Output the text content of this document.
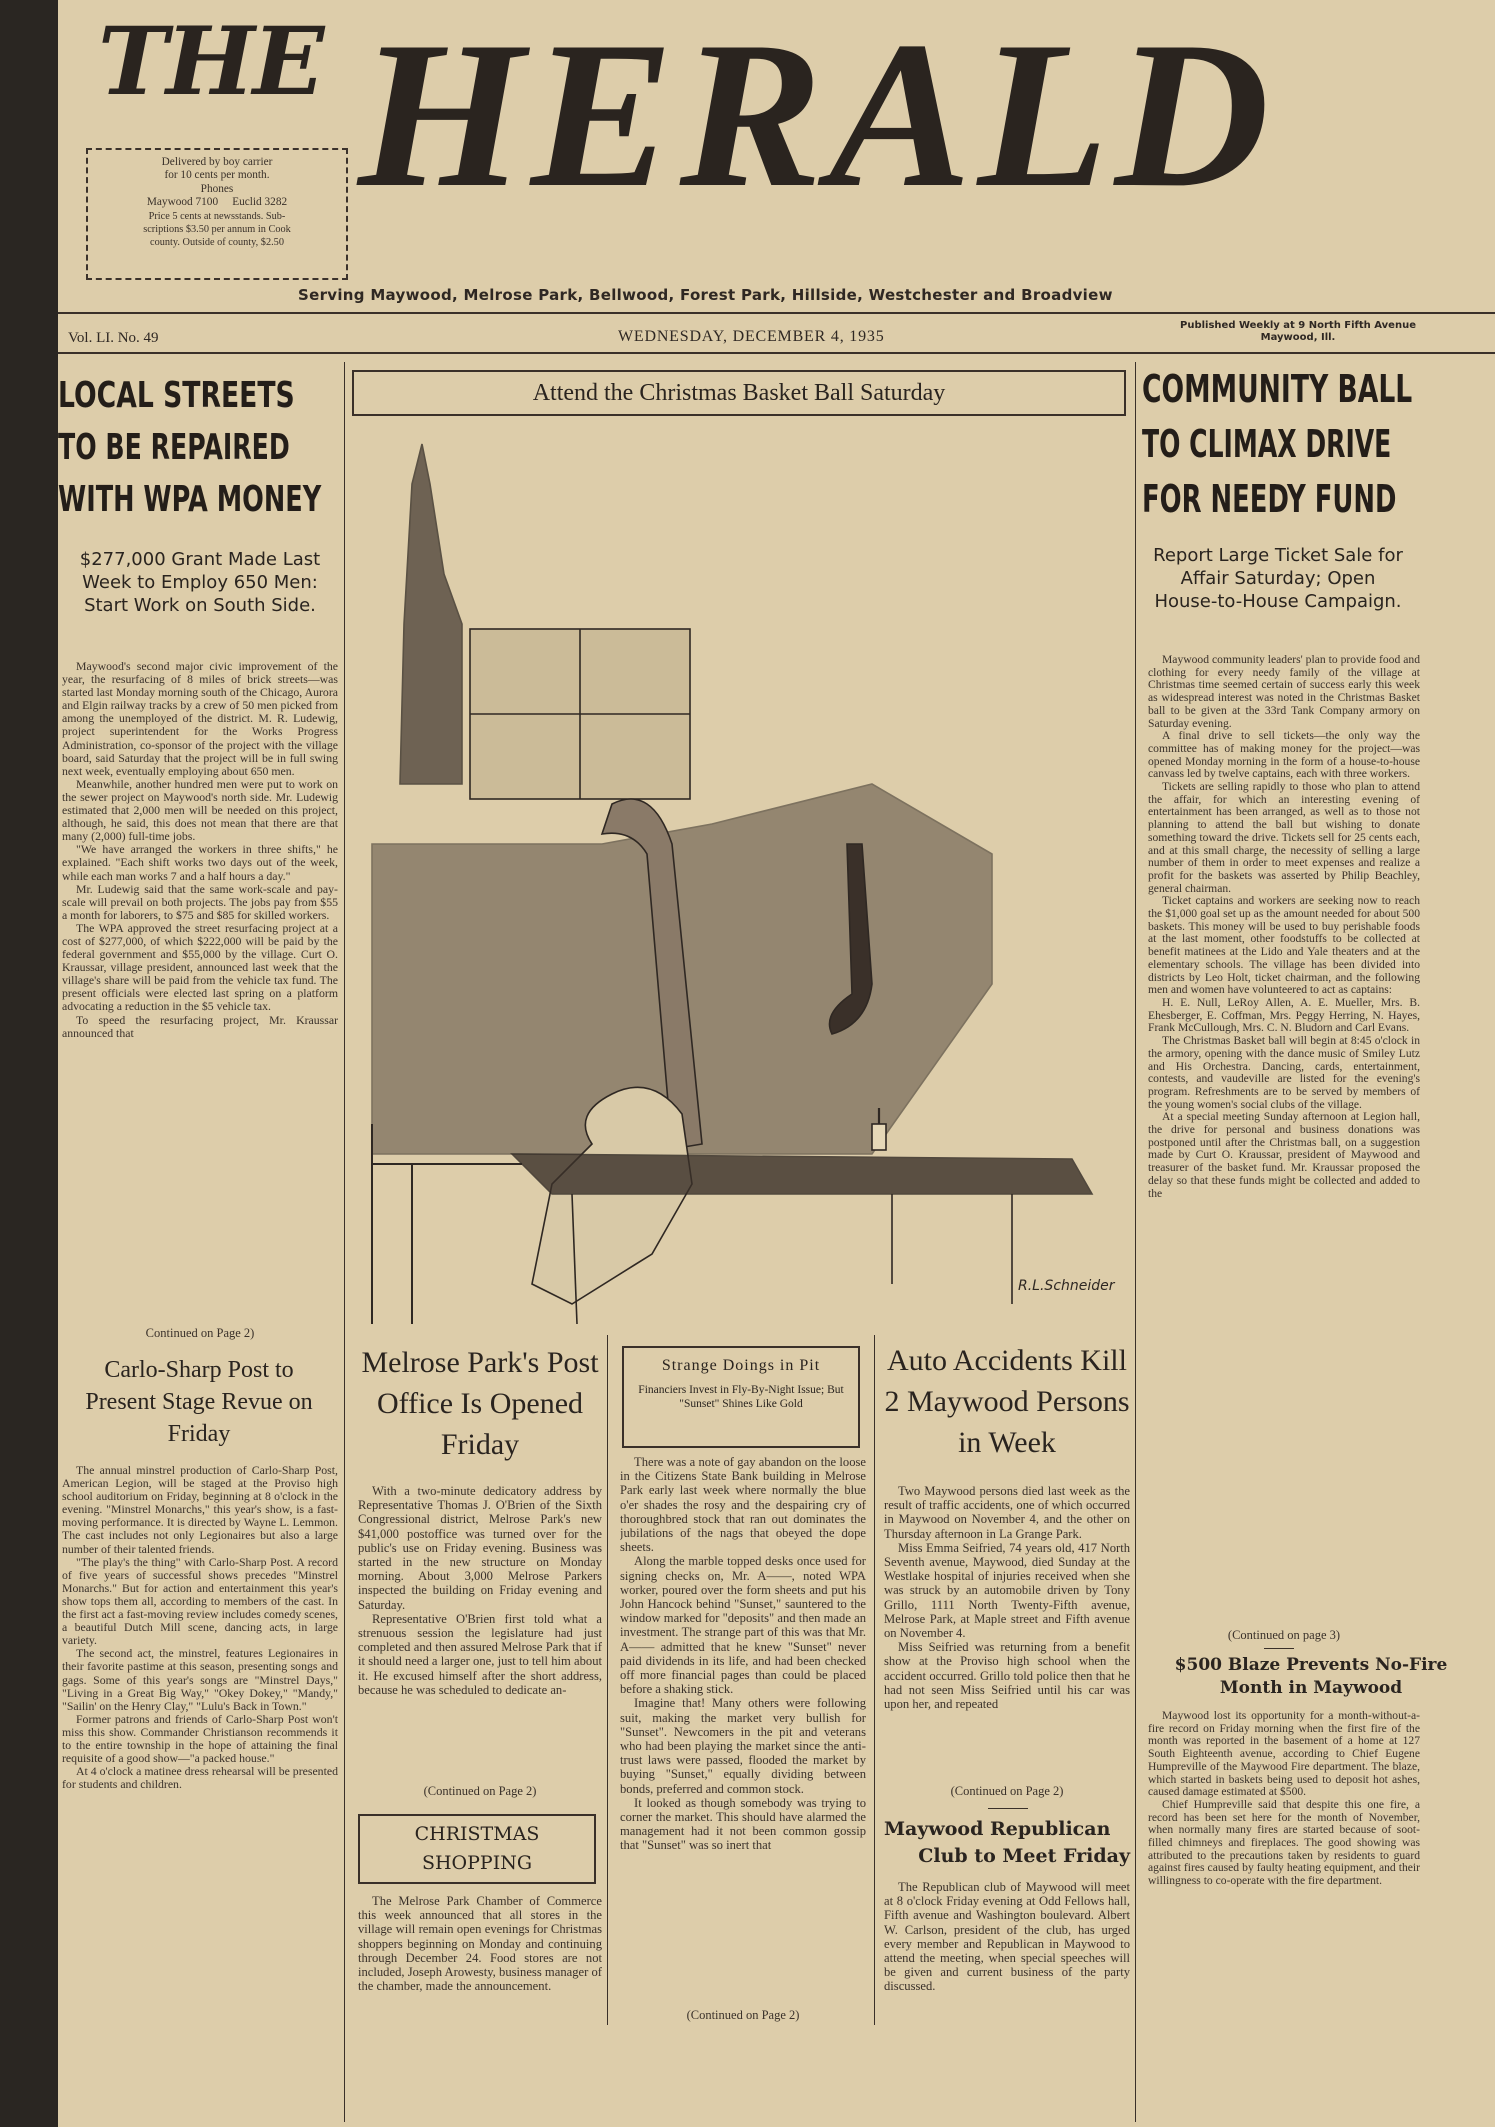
THE HERALD
Delivered by boy carrier
for 10 cents per month.
Phones
Maywood 7100     Euclid 3282
Price 5 cents at newsstands. Sub-
scriptions $3.50 per annum in Cook
county. Outside of county, $2.50
Serving Maywood, Melrose Park, Bellwood, Forest Park, Hillside, Westchester and Broadview
Vol. LI. No. 49	WEDNESDAY, DECEMBER 4, 1935
Published Weekly at 9 North Fifth Avenue
Maywood, Ill.
LOCAL STREETS
TO BE REPAIRED
WITH WPA MONEY
$277,000 Grant Made Last Week to Employ 650 Men: Start Work on South Side.

Maywood's second major civic improvement of the year, the resurfacing of 8 miles of brick streets—was started last Monday morning south of the Chicago, Aurora and Elgin railway tracks by a crew of 50 men picked from among the unemployed of the district. M. R. Ludewig, project superintendent for the Works Progress Administration, co-sponsor of the project with the village board, said Saturday that the project will be in full swing next week, eventually employing about 650 men.

Meanwhile, another hundred men were put to work on the sewer project on Maywood's north side. Mr. Ludewig estimated that 2,000 men will be needed on this project, although, he said, this does not mean that there are that many (2,000) full-time jobs.

"We have arranged the workers in three shifts," he explained. "Each shift works two days out of the week, while each man works 7 and a half hours a day."

Mr. Ludewig said that the same work-scale and pay-scale will prevail on both projects. The jobs pay from $55 a month for laborers, to $75 and $85 for skilled workers.

The WPA approved the street resurfacing project at a cost of $277,000, of which $222,000 will be paid by the federal government and $55,000 by the village. Curt O. Kraussar, village president, announced last week that the village's share will be paid from the vehicle tax fund. The present officials were elected last spring on a platform advocating a reduction in the $5 vehicle tax.

To speed the resurfacing project, Mr. Kraussar announced that

Continued on Page 2)
Carlo-Sharp Post to Present Stage Revue on Friday

The annual minstrel production of Carlo-Sharp Post, American Legion, will be staged at the Proviso high school auditorium on Friday, beginning at 8 o'clock in the evening. "Minstrel Monarchs," this year's show, is a fast-moving performance. It is directed by Wayne L. Lemmon. The cast includes not only Legionaires but also a large number of their talented friends.

"The play's the thing" with Carlo-Sharp Post. A record of five years of successful shows precedes "Minstrel Monarchs." But for action and entertainment this year's show tops them all, according to members of the cast. In the first act a fast-moving review includes comedy scenes, a beautiful Dutch Mill scene, dancing acts, in large variety.

The second act, the minstrel, features Legionaires in their favorite pastime at this season, presenting songs and gags. Some of this year's songs are "Minstrel Days," "Living in a Great Big Way," "Okey Dokey," "Mandy," "Sailin' on the Henry Clay," "Lulu's Back in Town."

Former patrons and friends of Carlo-Sharp Post won't miss this show. Commander Christianson recommends it to the entire township in the hope of attaining the final requisite of a good show—"a packed house."

At 4 o'clock a matinee dress rehearsal will be presented for students and children.

Attend the Christmas Basket Ball Saturday
R.L.Schneider
Melrose Park's Post Office Is Opened Friday

With a two-minute dedicatory address by Representative Thomas J. O'Brien of the Sixth Congressional district, Melrose Park's new $41,000 postoffice was turned over for the public's use on Friday evening. Business was started in the new structure on Monday morning. About 3,000 Melrose Parkers inspected the building on Friday evening and Saturday.

Representative O'Brien first told what a strenuous session the legislature had just completed and then assured Melrose Park that if it should need a larger one, just to tell him about it. He excused himself after the short address, because he was scheduled to dedicate an-

(Continued on Page 2)
CHRISTMAS
SHOPPING
The Melrose Park Chamber of Commerce this week announced that all stores in the village will remain open evenings for Christmas shoppers beginning on Monday and continuing through December 24. Food stores are not included, Joseph Arowesty, business manager of the chamber, made the announcement.
Strange Doings in Pit
Financiers Invest in Fly-By-Night Issue; But "Sunset" Shines Like Gold

There was a note of gay abandon on the loose in the Citizens State Bank building in Melrose Park early last week where normally the blue o'er shades the rosy and the despairing cry of thoroughbred stock that ran out dominates the jubilations of the nags that obeyed the dope sheets.

Along the marble topped desks once used for signing checks on, Mr. A——, noted WPA worker, poured over the form sheets and put his John Hancock behind "Sunset," sauntered to the window marked for "deposits" and then made an investment. The strange part of this was that Mr. A—— admitted that he knew "Sunset" never paid dividends in its life, and had been checked off more financial pages than could be placed before a shaking stick.

Imagine that! Many others were following suit, making the market very bullish for "Sunset". Newcomers in the pit and veterans who had been playing the market since the anti-trust laws were passed, flooded the market by buying "Sunset," equally dividing between bonds, preferred and common stock.

It looked as though somebody was trying to corner the market. This should have alarmed the management had it not been common gossip that "Sunset" was so inert that

(Continued on Page 2)
Auto Accidents Kill 2 Maywood Persons in Week

Two Maywood persons died last week as the result of traffic accidents, one of which occurred in Maywood on November 4, and the other on Thursday afternoon in La Grange Park.

Miss Emma Seifried, 74 years old, 417 North Seventh avenue, Maywood, died Sunday at the Westlake hospital of injuries received when she was struck by an automobile driven by Tony Grillo, 1111 North Twenty-Fifth avenue, Melrose Park, at Maple street and Fifth avenue on November 4.

Miss Seifried was returning from a benefit show at the Proviso high school when the accident occurred. Grillo told police then that he had not seen Miss Seifried until his car was upon her, and repeated

(Continued on Page 2)
Maywood Republican
Club to Meet Friday
The Republican club of Maywood will meet at 8 o'clock Friday evening at Odd Fellows hall, Fifth avenue and Washington boulevard. Albert W. Carlson, president of the club, has urged every member and Republican in Maywood to attend the meeting, when special speeches will be given and current business of the party discussed.
COMMUNITY BALL
TO CLIMAX DRIVE
FOR NEEDY FUND
Report Large Ticket Sale for Affair Saturday; Open House-to-House Campaign.

Maywood community leaders' plan to provide food and clothing for every needy family of the village at Christmas time seemed certain of success early this week as widespread interest was noted in the Christmas Basket ball to be given at the 33rd Tank Company armory on Saturday evening.

A final drive to sell tickets—the only way the committee has of making money for the project—was opened Monday morning in the form of a house-to-house canvass led by twelve captains, each with three workers.

Tickets are selling rapidly to those who plan to attend the affair, for which an interesting evening of entertainment has been arranged, as well as to those not planning to attend the ball but wishing to donate something toward the drive. Tickets sell for 25 cents each, and at this small charge, the necessity of selling a large number of them in order to meet expenses and realize a profit for the baskets was asserted by Philip Beachley, general chairman.

Ticket captains and workers are seeking now to reach the $1,000 goal set up as the amount needed for about 500 baskets. This money will be used to buy perishable foods at the last moment, other foodstuffs to be collected at benefit matinees at the Lido and Yale theaters and at the elementary schools. The village has been divided into districts by Leo Holt, ticket chairman, and the following men and women have volunteered to act as captains:

H. E. Null, LeRoy Allen, A. E. Mueller, Mrs. B. Ehesberger, E. Coffman, Mrs. Peggy Herring, N. Hayes, Frank McCullough, Mrs. C. N. Bludorn and Carl Evans.

The Christmas Basket ball will begin at 8:45 o'clock in the armory, opening with the dance music of Smiley Lutz and His Orchestra. Dancing, cards, entertainment, contests, and vaudeville are listed for the evening's program. Refreshments are to be served by members of the young women's social clubs of the village.

At a special meeting Sunday afternoon at Legion hall, the drive for personal and business donations was postponed until after the Christmas ball, on a suggestion made by Curt O. Kraussar, president of Maywood and treasurer of the basket fund. Mr. Kraussar proposed the delay so that these funds might be collected and added to the

(Continued on page 3)
$500 Blaze Prevents No-Fire Month in Maywood

Maywood lost its opportunity for a month-without-a-fire record on Friday morning when the first fire of the month was reported in the basement of a home at 127 South Eighteenth avenue, according to Chief Eugene Humpreville of the Maywood Fire department. The blaze, which started in baskets being used to deposit hot ashes, caused damage estimated at $500.

Chief Humpreville said that despite this one fire, a record has been set here for the month of November, when normally many fires are started because of soot-filled chimneys and fireplaces. The good showing was attributed to the precautions taken by residents to guard against fires caused by faulty heating equipment, and their willingness to co-operate with the fire department.
